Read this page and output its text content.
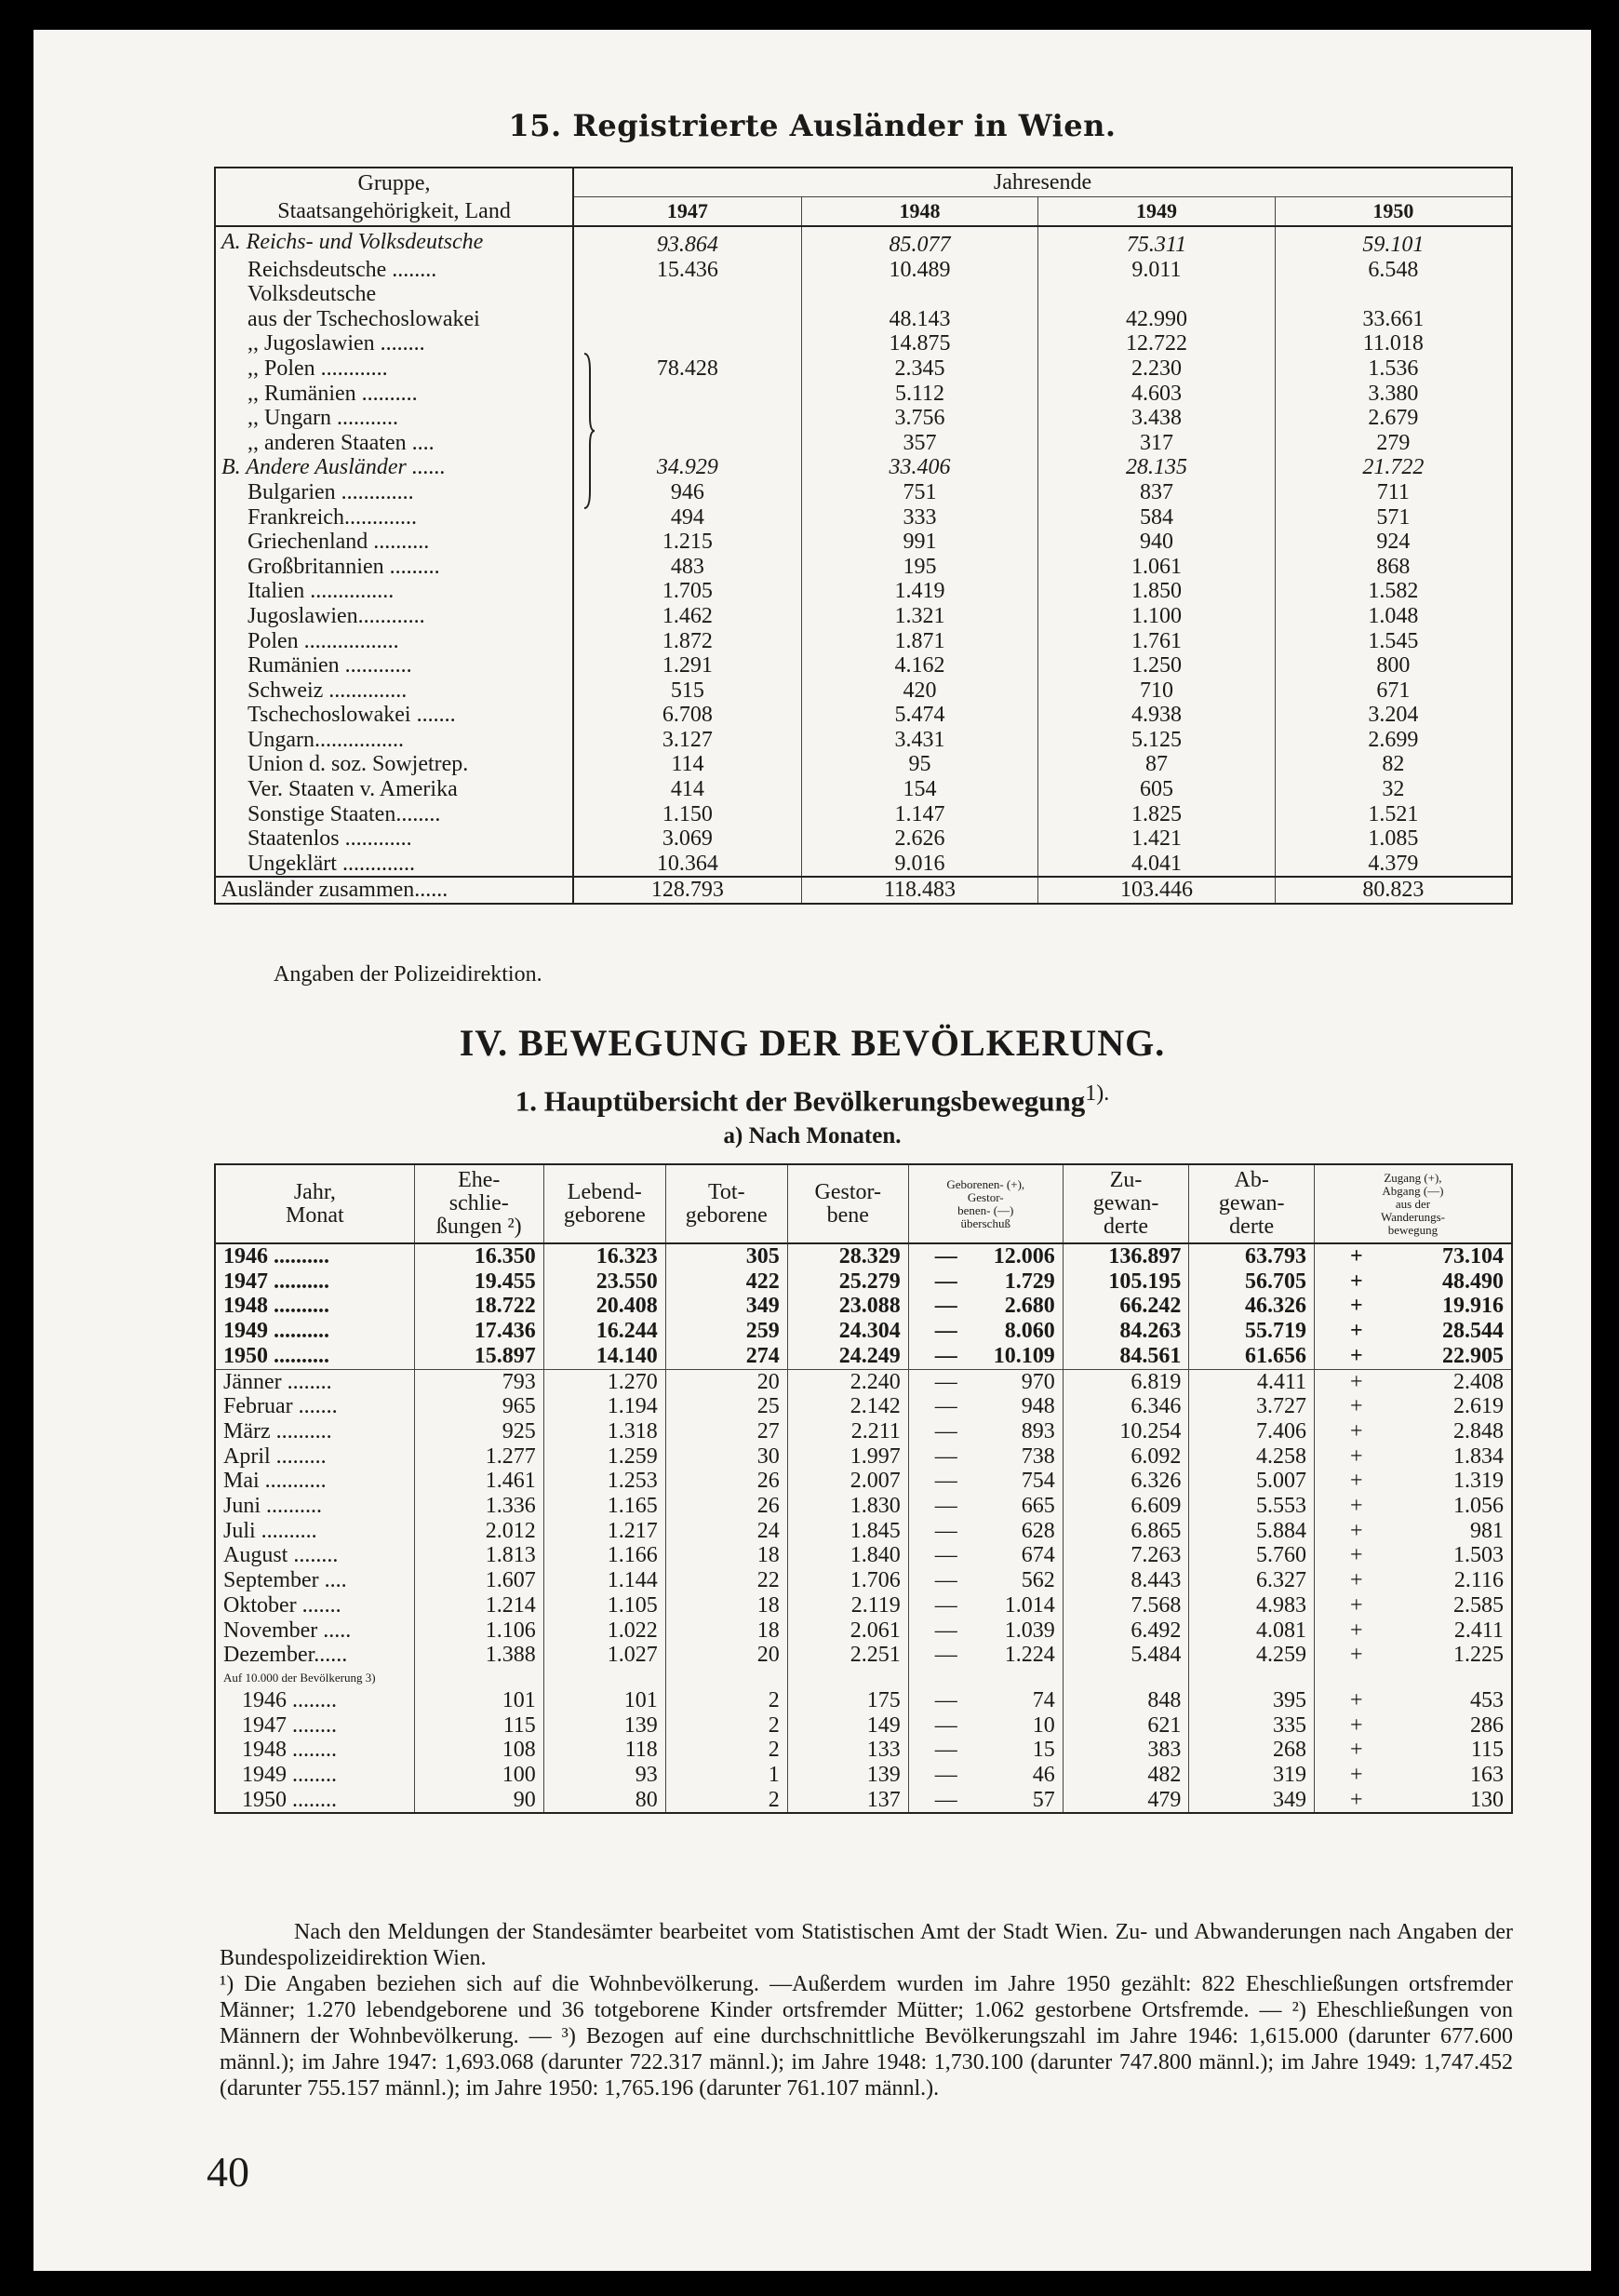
15. Registrierte Ausländer in Wien.
Gruppe,
Staatsangehörigkeit, Land	Jahresende			
	1947	1948	1949	1950
A. Reichs- und Volksdeutsche	93.864	85.077	75.311	59.101
Reichsdeutsche ........	15.436	10.489	9.011	6.548
Volksdeutsche				
aus der Tschechoslowakei		48.143	42.990	33.661
,, Jugoslawien ........		14.875	12.722	11.018
,, Polen ............	78.428	2.345	2.230	1.536
,, Rumänien ..........		5.112	4.603	3.380
,, Ungarn ...........		3.756	3.438	2.679
,, anderen Staaten ....		357	317	279
B. Andere Ausländer ......	34.929	33.406	28.135	21.722
Bulgarien .............	946	751	837	711
Frankreich.............	494	333	584	571
Griechenland ..........	1.215	991	940	924
Großbritannien .........	483	195	1.061	868
Italien ...............	1.705	1.419	1.850	1.582
Jugoslawien............	1.462	1.321	1.100	1.048
Polen .................	1.872	1.871	1.761	1.545
Rumänien ............	1.291	4.162	1.250	800
Schweiz ..............	515	420	710	671
Tschechoslowakei .......	6.708	5.474	4.938	3.204
Ungarn................	3.127	3.431	5.125	2.699
Union d. soz. Sowjetrep.	114	95	87	82
Ver. Staaten v. Amerika	414	154	605	32
Sonstige Staaten........	1.150	1.147	1.825	1.521
Staatenlos ............	3.069	2.626	1.421	1.085
Ungeklärt .............	10.364	9.016	4.041	4.379
Ausländer zusammen......	128.793	118.483	103.446	80.823
Angaben der Polizeidirektion.
IV. BEWEGUNG DER BEVÖLKERUNG.
1. Hauptübersicht der Bevölkerungsbewegung$^{1).}$
a) Nach Monaten.
Jahr,
Monat	Ehe-
schlie-
ßungen ²)	Lebend-
geborene	Tot-
geborene	Gestor-
bene	Geborenen- (+),
Gestor-
benen- (—)
überschuß	Zu-
gewan-
derte	Ab-
gewan-
derte	Zugang (+),
Abgang (—)
aus der
Wanderungs-
bewegung
1946 ..........	16.350	16.323	305	28.329	— 12.006	136.897	63.793	+ 73.104

1947 ..........	19.455	23.550	422	25.279	— 1.729	105.195	56.705	+ 48.490

1948 ..........	18.722	20.408	349	23.088	— 2.680	66.242	46.326	+ 19.916

1949 ..........	17.436	16.244	259	24.304	— 8.060	84.263	55.719	+ 28.544

1950 ..........	15.897	14.140	274	24.249	— 10.109	84.561	61.656	+ 22.905

Jänner ........	793	1.270	20	2.240	— 970	6.819	4.411	+ 2.408

Februar .......	965	1.194	25	2.142	— 948	6.346	3.727	+ 2.619

März ..........	925	1.318	27	2.211	— 893	10.254	7.406	+ 2.848

April .........	1.277	1.259	30	1.997	— 738	6.092	4.258	+ 1.834

Mai ...........	1.461	1.253	26	2.007	— 754	6.326	5.007	+ 1.319

Juni ..........	1.336	1.165	26	1.830	— 665	6.609	5.553	+ 1.056

Juli ..........	2.012	1.217	24	1.845	— 628	6.865	5.884	+ 981

August ........	1.813	1.166	18	1.840	— 674	7.263	5.760	+ 1.503

September ....	1.607	1.144	22	1.706	— 562	8.443	6.327	+ 2.116

Oktober .......	1.214	1.105	18	2.119	— 1.014	7.568	4.983	+ 2.585

November .....	1.106	1.022	18	2.061	— 1.039	6.492	4.081	+ 2.411

Dezember......	1.388	1.027	20	2.251	— 1.224	5.484	4.259	+ 1.225

Auf 10.000 der Bevölkerung 3)								
1946 ........	101	101	2	175	— 74	848	395	+ 453

1947 ........	115	139	2	149	— 10	621	335	+ 286

1948 ........	108	118	2	133	— 15	383	268	+ 115

1949 ........	100	93	1	139	— 46	482	319	+ 163

1950 ........	90	80	2	137	— 57	479	349	+ 130

Nach den Meldungen der Standesämter bearbeitet vom Statistischen Amt der Stadt Wien. Zu- und Abwanderungen nach Angaben der Bundespolizeidirektion Wien.

¹) Die Angaben beziehen sich auf die Wohnbevölkerung. —Außerdem wurden im Jahre 1950 gezählt: 822 Eheschließungen ortsfremder Männer; 1.270 lebendgeborene und 36 totgeborene Kinder ortsfremder Mütter; 1.062 gestorbene Ortsfremde. — ²) Eheschließungen von Männern der Wohnbevölkerung. — ³) Bezogen auf eine durchschnittliche Bevölkerungszahl im Jahre 1946: 1,615.000 (darunter 677.600 männl.); im Jahre 1947: 1,693.068 (darunter 722.317 männl.); im Jahre 1948: 1,730.100 (darunter 747.800 männl.); im Jahre 1949: 1,747.452 (darunter 755.157 männl.); im Jahre 1950: 1,765.196 (darunter 761.107 männl.).

40
